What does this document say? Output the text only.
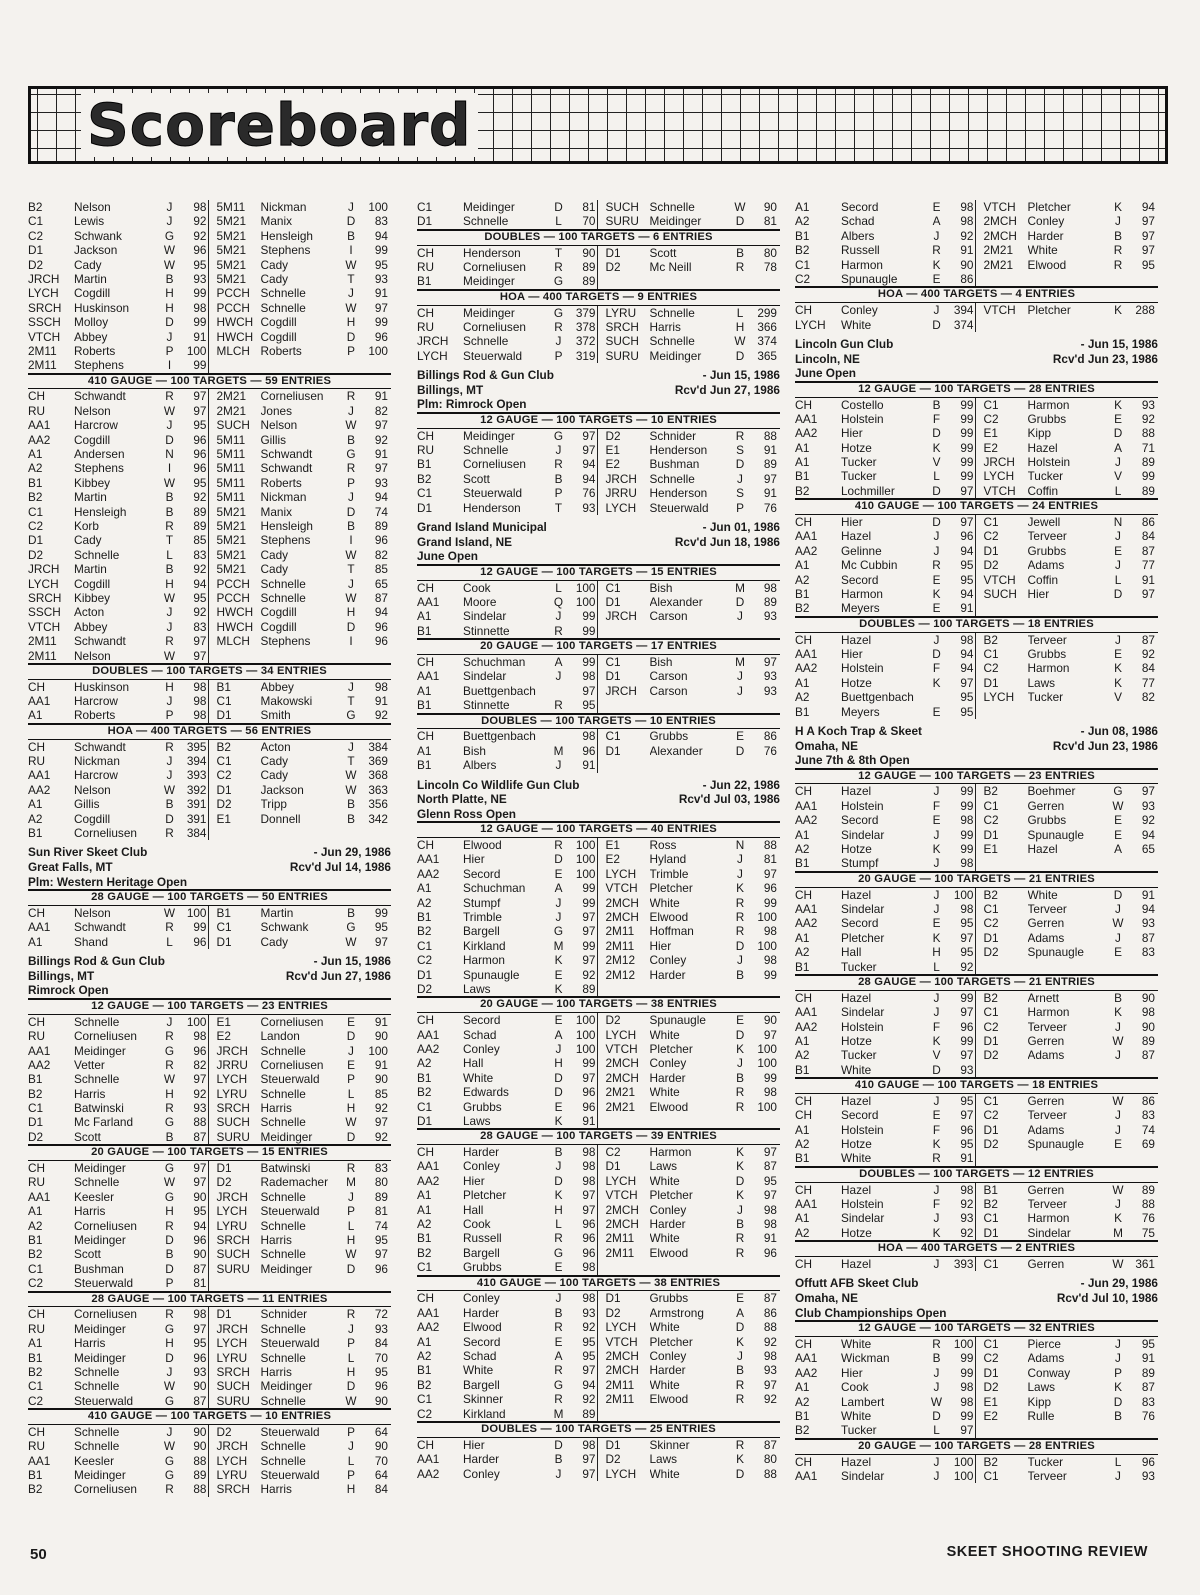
Scoreboard
B2	Nelson	J	98 5M11	Nickman	J	100
C1	Lewis	J	92 5M21	Manix	D	83
C2	Schwank	G	92 5M21	Hensleigh	B	94
D1	Jackson	W	96 5M21	Stephens	I	99
D2	Cady	W	95 5M21	Cady	W	95
JRCH	Martin	B	93 5M21	Cady	T	93
LYCH	Cogdill	H	99 PCCH Schnelle	J	91
SRCH	Huskinson	H	98 PCCH Schnelle	W	97
SSCH	Molloy	D	99 HWCH Cogdill	H	99
VTCH	Abbey	J	91 HWCH Cogdill	D	96
2M11	Roberts	P	100 MLCH Roberts	P	100
2M11	Stephens	I	99
410 GAUGE — 100 TARGETS — 59 ENTRIES
CH	Schwandt	R	97 2M21	Corneliusen	R	91
RU	Nelson	W	97 2M21	Jones	J	82
AA1	Harcrow	J	95 SUCH Nelson	W	97
AA2	Cogdill	D	96 5M11	Gillis	B	92
A1	Andersen	N	96 5M11	Schwandt	G	91
A2	Stephens	I	96 5M11	Schwandt	R	97
B1	Kibbey	W	95 5M11	Roberts	P	93
B2	Martin	B	92 5M11	Nickman	J	94
C1	Hensleigh	B	89 5M21	Manix	D	74
C2	Korb	R	89 5M21	Hensleigh	B	89
D1	Cady	T	85 5M21	Stephens	I	96
D2	Schnelle	L	83 5M21	Cady	W	82
JRCH	Martin	B	92 5M21	Cady	T	85
LYCH	Cogdill	H	94 PCCH Schnelle	J	65
SRCH	Kibbey	W	95 PCCH Schnelle	W	87
SSCH	Acton	J	92 HWCH Cogdill	H	94
VTCH	Abbey	J	83 HWCH Cogdill	D	96
2M11	Schwandt	R	97 MLCH Stephens	I	96
2M11	Nelson	W	97
DOUBLES — 100 TARGETS — 34 ENTRIES
CH	Huskinson	H	98 B1	Abbey	J	98
AA1	Harcrow	J	98 C1	Makowski	T	91
A1	Roberts	P	98 D1	Smith	G	92
HOA — 400 TARGETS — 56 ENTRIES
CH	Schwandt	R	395 B2	Acton	J	384
RU	Nickman	J	394 C1	Cady	T	369
AA1	Harcrow	J	393 C2	Cady	W 368
AA2	Nelson	W 392 D1	Jackson	W 363
A1	Gillis	B	391 D2	Tripp	B	356
A2	Cogdill	D	391 E1	Donnell	B	342
B1	Corneliusen	R	384
Sun River Skeet Club	- Jun 29, 1986
Great Falls, MT	Rcv'd Jul 14, 1986
Plm: Western Heritage Open
28 GAUGE — 100 TARGETS — 50 ENTRIES
CH	Nelson	W 100 B1	Martin	B	99
AA1	Schwandt	R	99 C1	Schwank	G	95
A1	Shand	L	96 D1	Cady	W	97
Billings Rod & Gun Club	- Jun 15, 1986
Billings, MT	Rcv'd Jun 27, 1986
Rimrock Open
12 GAUGE — 100 TARGETS — 23 ENTRIES
CH	Schnelle	J	100 E1	Corneliusen	E	91
RU	Corneliusen	R	98 E2	Landon	D	90
AA1	Meidinger	G	96 JRCH	Schnelle	J	100
AA2	Vetter	R	82 JRRU	Corneliusen	E	91
B1	Schnelle	W	97 LYCH	Steuerwald	P	90
B2	Harris	H	92 LYRU	Schnelle	L	85
C1	Batwinski	R	93 SRCH Harris	H	92
D1	Mc Farland	G	88 SUCH Schnelle	W	97
D2	Scott	B	87 SURU Meidinger	D	92
20 GAUGE — 100 TARGETS — 15 ENTRIES
CH	Meidinger	G	97 D1	Batwinski	R	83
RU	Schnelle	W	97 D2	Rademacher	M	80
AA1	Keesler	G	90 JRCH	Schnelle	J	89
A1	Harris	H	95 LYCH	Steuerwald	P	81
A2	Corneliusen	R	94 LYRU	Schnelle	L	74
B1	Meidinger	D	96 SRCH Harris	H	95
B2	Scott	B	90 SUCH Schnelle	W	97
C1	Bushman	D	87 SURU Meidinger	D	96
C2	Steuerwald	P	81
28 GAUGE — 100 TARGETS — 11 ENTRIES
CH	Corneliusen	R	98 D1	Schnider	R	72
RU	Meidinger	G	97 JRCH	Schnelle	J	93
A1	Harris	H	95 LYCH	Steuerwald	P	84
B1	Meidinger	D	96 LYRU	Schnelle	L	70
B2	Schnelle	J	93 SRCH Harris	H	95
C1	Schnelle	W	90 SUCH Meidinger	D	96
C2	Steuerwald	G	87 SURU Schnelle	W	90
410 GAUGE — 100 TARGETS — 10 ENTRIES
CH	Schnelle	J	90 D2	Steuerwald	P	64
RU	Schnelle	W	90 JRCH	Schnelle	J	90
AA1	Keesler	G	88 LYCH	Schnelle	L	70
B1	Meidinger	G	89 LYRU	Steuerwald	P	64
B2	Corneliusen	R	88 SRCH Harris	H	84
C1	Meidinger	D	81 SUCH Schnelle	W	90
D1	Schnelle	L	70 SURU Meidinger	D	81
DOUBLES — 100 TARGETS — 6 ENTRIES
CH	Henderson	T	90 D1	Scott	B	80
RU	Corneliusen	R	89 D2	Mc Neill	R	78
B1	Meidinger	G	89
HOA — 400 TARGETS — 9 ENTRIES
CH	Meidinger	G	379 LYRU	Schnelle	L	299
RU	Corneliusen	R	378 SRCH Harris	H	366
JRCH	Schnelle	J	372 SUCH Schnelle	W 374
LYCH	Steuerwald	P	319 SURU Meidinger	D	365
Billings Rod & Gun Club	- Jun 15, 1986
Billings, MT	Rcv'd Jun 27, 1986
Plm: Rimrock Open
12 GAUGE — 100 TARGETS — 10 ENTRIES
CH	Meidinger	G	97 D2	Schnider	R	88
RU	Schnelle	J	97 E1	Henderson	S	91
B1	Corneliusen	R	94 E2	Bushman	D	89
B2	Scott	B	94 JRCH	Schnelle	J	97
C1	Steuerwald	P	76 JRRU	Henderson	S	91
D1	Henderson	T	93 LYCH	Steuerwald	P	76
Grand Island Municipal	- Jun 01, 1986
Grand Island, NE	Rcv'd Jun 18, 1986
June Open
12 GAUGE — 100 TARGETS — 15 ENTRIES
CH	Cook	L	100 C1	Bish	M	98
AA1	Moore	Q	100 D1	Alexander	D	89
A1	Sindelar	J	99 JRCH	Carson	J	93
B1	Stinnette	R	99
20 GAUGE — 100 TARGETS — 17 ENTRIES
CH	Schuchman	A	99 C1	Bish	M	97
AA1	Sindelar	J	98 D1	Carson	J	93
A1	Buettgenbach	97 JRCH	Carson	J	93
B1	Stinnette	R	95
DOUBLES — 100 TARGETS — 10 ENTRIES
CH	Buettgenbach	98 C1	Grubbs	E	86
A1	Bish	M	96 D1	Alexander	D	76
B1	Albers	J	91
Lincoln Co Wildlife Gun Club	- Jun 22, 1986
North Platte, NE	Rcv'd Jul 03, 1986
Glenn Ross Open
12 GAUGE — 100 TARGETS — 40 ENTRIES
CH	Elwood	R	100 E1	Ross	N	88
AA1	Hier	D	100 E2	Hyland	J	81
AA2	Secord	E	100 LYCH	Trimble	J	97
A1	Schuchman	A	99 VTCH	Pletcher	K	96
A2	Stumpf	J	99 2MCH White	R	99
B1	Trimble	J	97 2MCH Elwood	R	100
B2	Bargell	G	97 2M11	Hoffman	R	98
C1	Kirkland	M	99 2M11	Hier	D	100
C2	Harmon	K	97 2M12	Conley	J	98
D1	Spunaugle	E	92 2M12	Harder	B	99
D2	Laws	K	89
20 GAUGE — 100 TARGETS — 38 ENTRIES
CH	Secord	E	100 D2	Spunaugle	E	90
AA1	Schad	A	100 LYCH	White	D	97
AA2	Conley	J	100 VTCH	Pletcher	K	100
A2	Hall	H	99 2MCH Conley	J	100
B1	White	D	97 2MCH Harder	B	99
B2	Edwards	D	96 2M21	White	R	98
C1	Grubbs	E	96 2M21	Elwood	R	100
D1	Laws	K	91
28 GAUGE — 100 TARGETS — 39 ENTRIES
CH	Harder	B	98 C2	Harmon	K	97
AA1	Conley	J	98 D1	Laws	K	87
AA2	Hier	D	98 LYCH	White	D	95
A1	Pletcher	K	97 VTCH	Pletcher	K	97
A1	Hall	H	97 2MCH Conley	J	98
A2	Cook	L	96 2MCH Harder	B	98
B1	Russell	R	96 2M11	White	R	91
B2	Bargell	G	96 2M11	Elwood	R	96
C1	Grubbs	E	98
410 GAUGE — 100 TARGETS — 38 ENTRIES
CH	Conley	J	98 D1	Grubbs	E	87
AA1	Harder	B	93 D2	Armstrong	A	86
AA2	Elwood	R	92 LYCH	White	D	88
A1	Secord	E	95 VTCH	Pletcher	K	92
A2	Schad	A	95 2MCH Conley	J	98
B1	White	R	97 2MCH Harder	B	93
B2	Bargell	G	94 2M11	White	R	97
C1	Skinner	R	92 2M11	Elwood	R	92
C2	Kirkland	M	89
DOUBLES — 100 TARGETS — 25 ENTRIES
CH	Hier	D	98 D1	Skinner	R	87
AA1	Harder	B	97 D2	Laws	K	80
AA2	Conley	J	97 LYCH	White	D	88
A1	Secord	E	98 VTCH	Pletcher	K	94
A2	Schad	A	98 2MCH Conley	J	97
B1	Albers	J	92 2MCH Harder	B	97
B2	Russell	R	91 2M21	White	R	97
C1	Harmon	K	90 2M21	Elwood	R	95
C2	Spunaugle	E	86
HOA — 400 TARGETS — 4 ENTRIES
CH	Conley	J	394 VTCH	Pletcher	K	288
LYCH	White	D	374
Lincoln Gun Club	- Jun 15, 1986
Lincoln, NE	Rcv'd Jun 23, 1986
June Open
12 GAUGE — 100 TARGETS — 28 ENTRIES
CH	Costello	B	99 C1	Harmon	K	93
AA1	Holstein	F	99 C2	Grubbs	E	92
AA2	Hier	D	99 E1	Kipp	D	88
A1	Hotze	K	99 E2	Hazel	A	71
A1	Tucker	V	99 JRCH	Holstein	J	89
B1	Tucker	L	99 LYCH	Tucker	V	99
B2	Lochmiller	D	97 VTCH	Coffin	L	89
410 GAUGE — 100 TARGETS — 24 ENTRIES
CH	Hier	D	97 C1	Jewell	N	86
AA1	Hazel	J	96 C2	Terveer	J	84
AA2	Gelinne	J	94 D1	Grubbs	E	87
A1	Mc Cubbin	R	95 D2	Adams	J	77
A2	Secord	E	95 VTCH	Coffin	L	91
B1	Harmon	K	94 SUCH Hier	D	97
B2	Meyers	E	91
DOUBLES — 100 TARGETS — 18 ENTRIES
CH	Hazel	J	98 B2	Terveer	J	87
AA1	Hier	D	94 C1	Grubbs	E	92
AA2	Holstein	F	94 C2	Harmon	K	84
A1	Hotze	K	97 D1	Laws	K	77
A2	Buettgenbach	95 LYCH	Tucker	V	82
B1	Meyers	E	95
H A Koch Trap & Skeet	- Jun 08, 1986
Omaha, NE	Rcv'd Jun 23, 1986
June 7th & 8th Open
12 GAUGE — 100 TARGETS — 23 ENTRIES
CH	Hazel	J	99 B2	Boehmer	G	97
AA1	Holstein	F	99 C1	Gerren	W	93
AA2	Secord	E	98 C2	Grubbs	E	92
A1	Sindelar	J	99 D1	Spunaugle	E	94
A2	Hotze	K	99 E1	Hazel	A	65
B1	Stumpf	J	98
20 GAUGE — 100 TARGETS — 21 ENTRIES
CH	Hazel	J	100 B2	White	D	91
AA1	Sindelar	J	98 C1	Terveer	J	94
AA2	Secord	E	95 C2	Gerren	W	93
A1	Pletcher	K	97 D1	Adams	J	87
A2	Hall	H	95 D2	Spunaugle	E	83
B1	Tucker	L	92
28 GAUGE — 100 TARGETS — 21 ENTRIES
CH	Hazel	J	99 B2	Arnett	B	90
AA1	Sindelar	J	97 C1	Harmon	K	98
AA2	Holstein	F	96 C2	Terveer	J	90
A1	Hotze	K	99 D1	Gerren	W	89
A2	Tucker	V	97 D2	Adams	J	87
B1	White	D	93
410 GAUGE — 100 TARGETS — 18 ENTRIES
CH	Hazel	J	95 C1	Gerren	W	86
CH	Secord	E	97 C2	Terveer	J	83
A1	Holstein	F	96 D1	Adams	J	74
A2	Hotze	K	95 D2	Spunaugle	E	69
B1	White	R	91
DOUBLES — 100 TARGETS — 12 ENTRIES
CH	Hazel	J	98 B1	Gerren	W	89
AA1	Holstein	F	92 B2	Terveer	J	88
A1	Sindelar	J	93 C1	Harmon	K	76
A2	Hotze	K	92 D1	Sindelar	M	75
HOA — 400 TARGETS — 2 ENTRIES
CH	Hazel	J	393 C1	Gerren	W 361
Offutt AFB Skeet Club	- Jun 29, 1986
Omaha, NE	Rcv'd Jul 10, 1986
Club Championships Open
12 GAUGE — 100 TARGETS — 32 ENTRIES
CH	White	R	100 C1	Pierce	J	95
AA1	Wickman	B	99 C2	Adams	J	91
AA2	Hier	J	99 D1	Conway	P	89
A1	Cook	J	98 D2	Laws	K	87
A2	Lambert	W	98 E1	Kipp	D	83
B1	White	D	99 E2	Rulle	B	76
B2	Tucker	L	97
20 GAUGE — 100 TARGETS — 28 ENTRIES
CH	Hazel	J	100 B2	Tucker	L	96
AA1	Sindelar	J	100 C1	Terveer	J	93
50	SKEET SHOOTING REVIEW
